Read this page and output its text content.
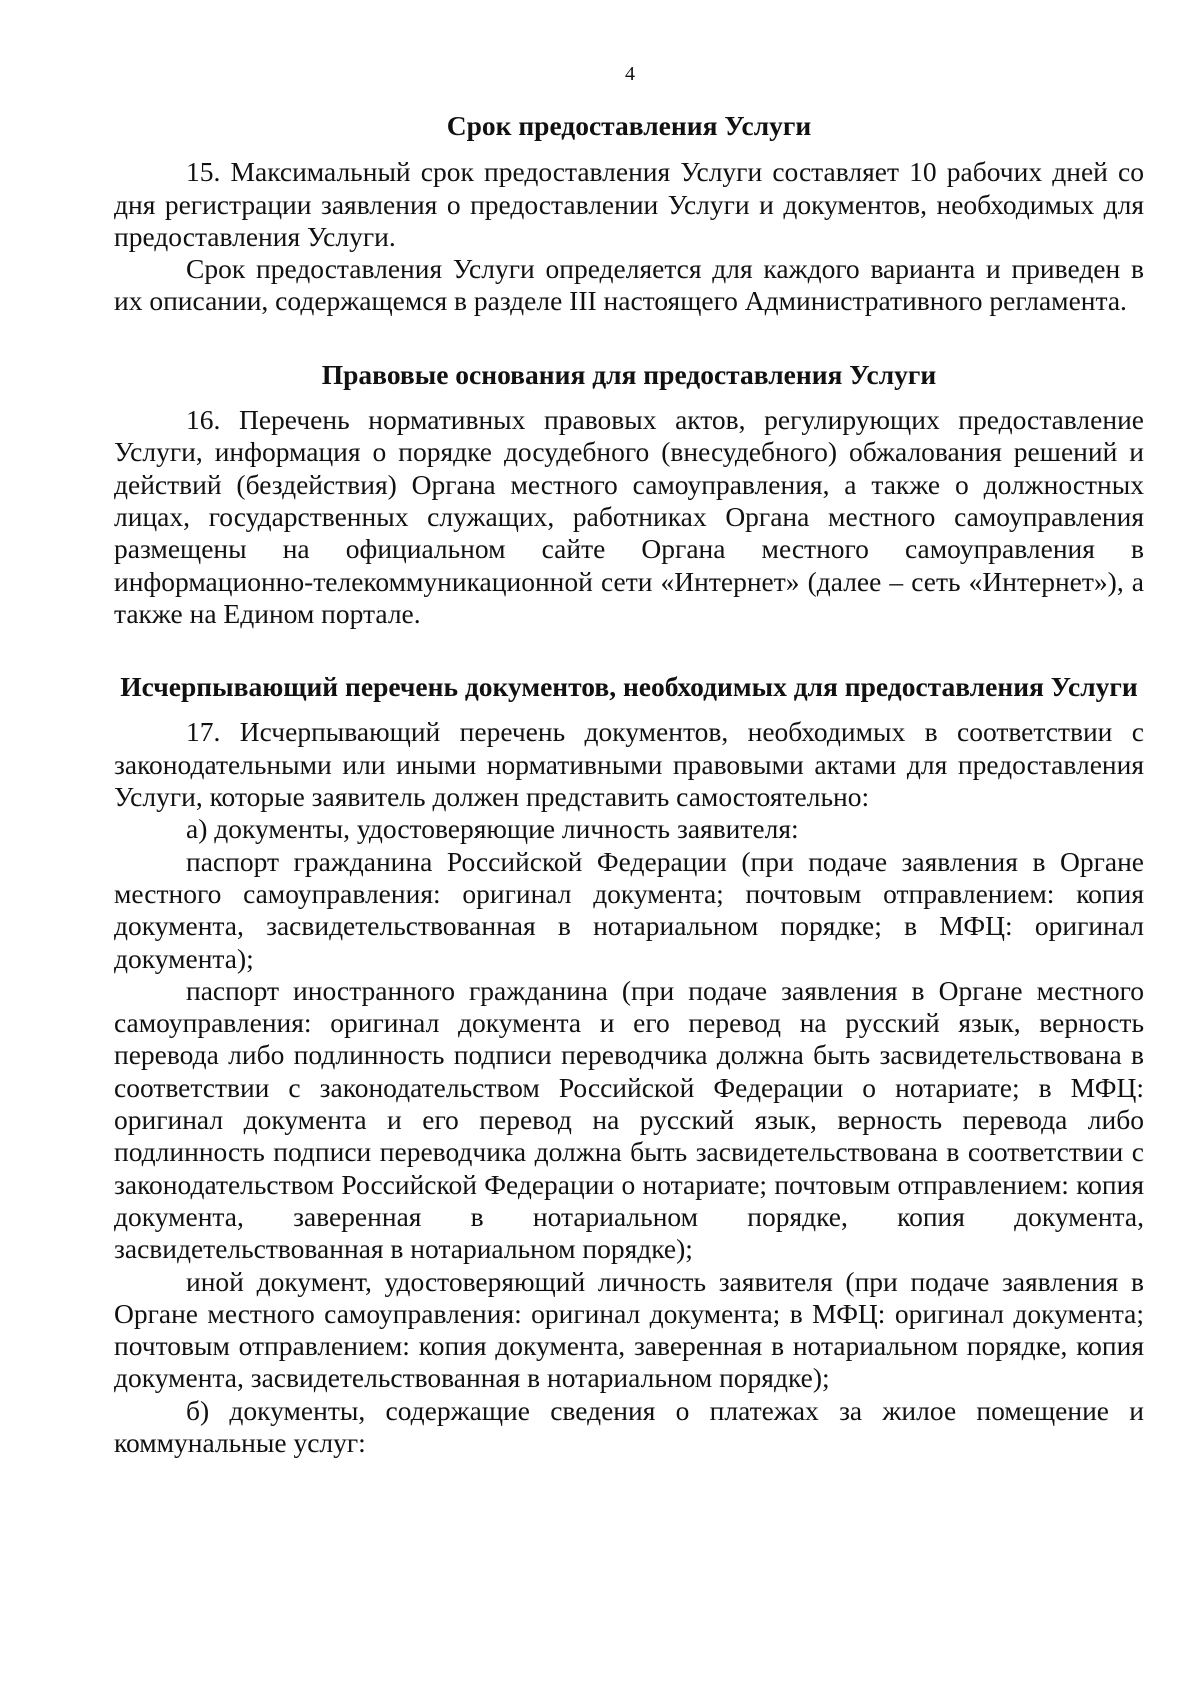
4
Срок предоставления Услуги

15. Максимальный срок предоставления Услуги составляет 10 рабочих дней со дня регистрации заявления о предоставлении Услуги и документов, необходимых для предоставления Услуги.

Срок предоставления Услуги определяется для каждого варианта и приведен в их описании, содержащемся в разделе III настоящего Административного регламента.

Правовые основания для предоставления Услуги

16. Перечень нормативных правовых актов, регулирующих предоставление Услуги, информация о порядке досудебного (внесудебного) обжалования решений и действий (бездействия) Органа местного самоуправления, а также о должностных лицах, государственных служащих, работниках Органа местного самоуправления размещены на официальном сайте Органа местного самоуправления в информационно-телекоммуникационной сети «Интернет» (далее – сеть «Интернет»), а также на Едином портале.

Исчерпывающий перечень документов, необходимых для предоставления Услуги

17. Исчерпывающий перечень документов, необходимых в соответствии с законодательными или иными нормативными правовыми актами для предоставления Услуги, которые заявитель должен представить самостоятельно:

а) документы, удостоверяющие личность заявителя:

паспорт гражданина Российской Федерации (при подаче заявления в Органе местного самоуправления: оригинал документа; почтовым отправлением: копия документа, засвидетельствованная в нотариальном порядке; в МФЦ: оригинал документа);

паспорт иностранного гражданина (при подаче заявления в Органе местного самоуправления: оригинал документа и его перевод на русский язык, верность перевода либо подлинность подписи переводчика должна быть засвидетельствована в соответствии с законодательством Российской Федерации о нотариате; в МФЦ: оригинал документа и его перевод на русский язык, верность перевода либо подлинность подписи переводчика должна быть засвидетельствована в соответствии с законодательством Российской Федерации о нотариате; почтовым отправлением: копия документа, заверенная в нотариальном порядке, копия документа, засвидетельствованная в нотариальном порядке);

иной документ, удостоверяющий личность заявителя (при подаче заявления в Органе местного самоуправления: оригинал документа; в МФЦ: оригинал документа; почтовым отправлением: копия документа, заверенная в нотариальном порядке, копия документа, засвидетельствованная в нотариальном порядке);

б) документы, содержащие сведения о платежах за жилое помещение и коммунальные услуг:
